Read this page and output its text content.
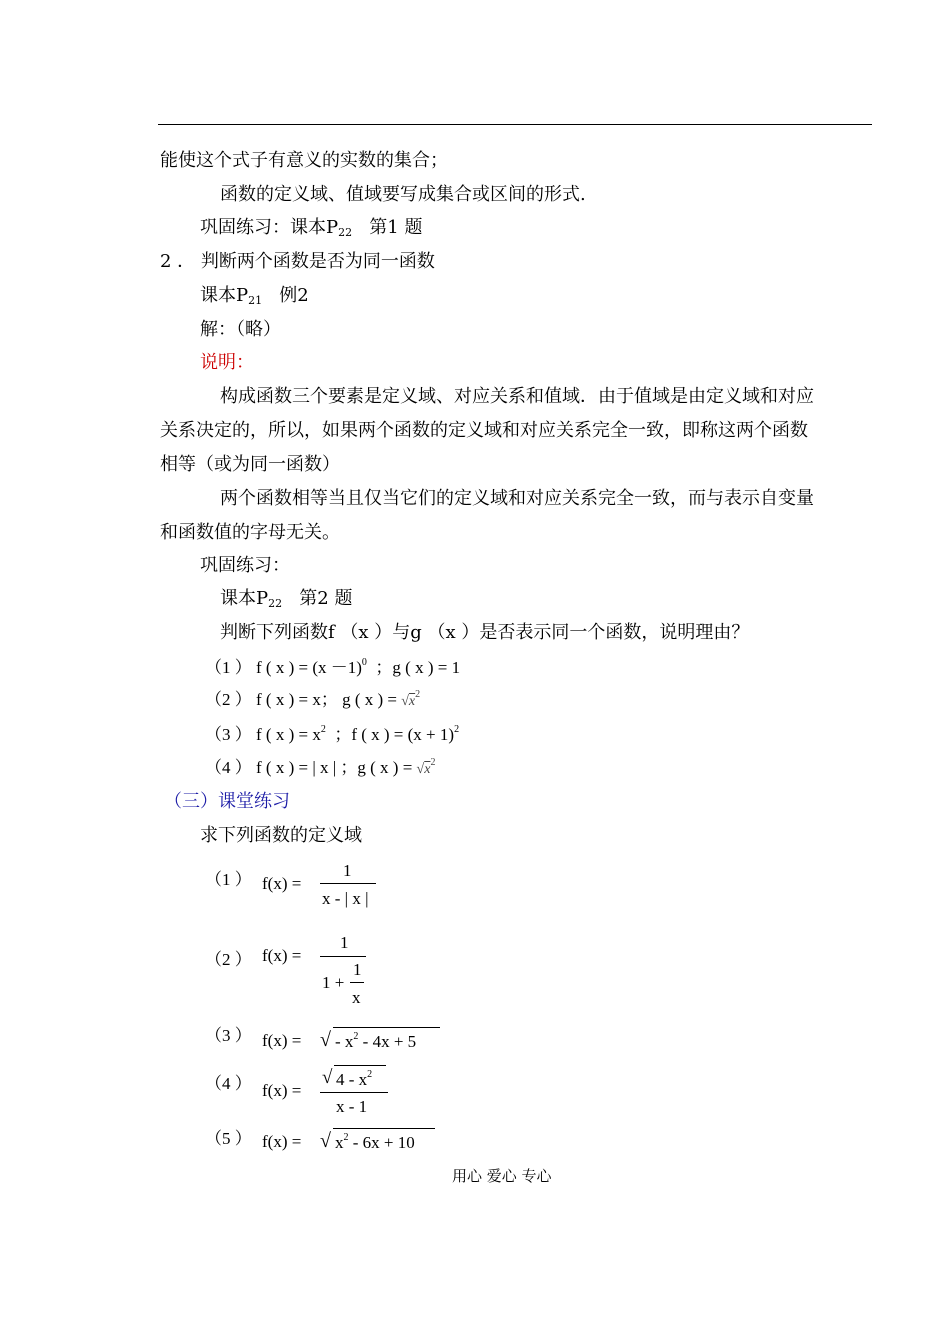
能使这个式子有意义的实数的集合；
函数的定义域、值域要写成集合或区间的形式.
巩固练习：课本$P_{22}$ 第1 题
2 ． 判断两个函数是否为同一函数
课本$P_{21}$ 例2
解：（略）
说明：
构成函数三个要素是定义域、对应关系和值域．由于值域是由定义域和对应
关系决定的，所以，如果两个函数的定义域和对应关系完全一致，即称这两个函数
相等（或为同一函数）
两个函数相等当且仅当它们的定义域和对应关系完全一致，而与表示自变量
和函数值的字母无关。
巩固练习：
课本$P_{22}$ 第2 题
判断下列函数f （x ）与g （x ）是否表示同一个函数，说明理由？
（1 ） f ( x ) = $(x -1)^0$ ；g ( x ) = 1
（2 ） f ( x ) = x； g ( x ) = $√x^2$
（3 ） f ( x ) = $x^2$ ；f ( x ) = $(x + 1)^2$
（4 ） f ( x ) = | x | ；g ( x ) = $√x^2$
（三）课堂练习
求下列函数的定义域
（1 ） f(x) =
1
x - | x |
（2 ） f(x) =
1
1 +
1
x
（3 ） f(x) = √ - $x^2 - 4x + 5$
（4 ） f(x) =
√ $4 - x^2$
x - 1
（5 ） f(x) = √ $x^2 - 6x + 10$
用心 爱心 专心
